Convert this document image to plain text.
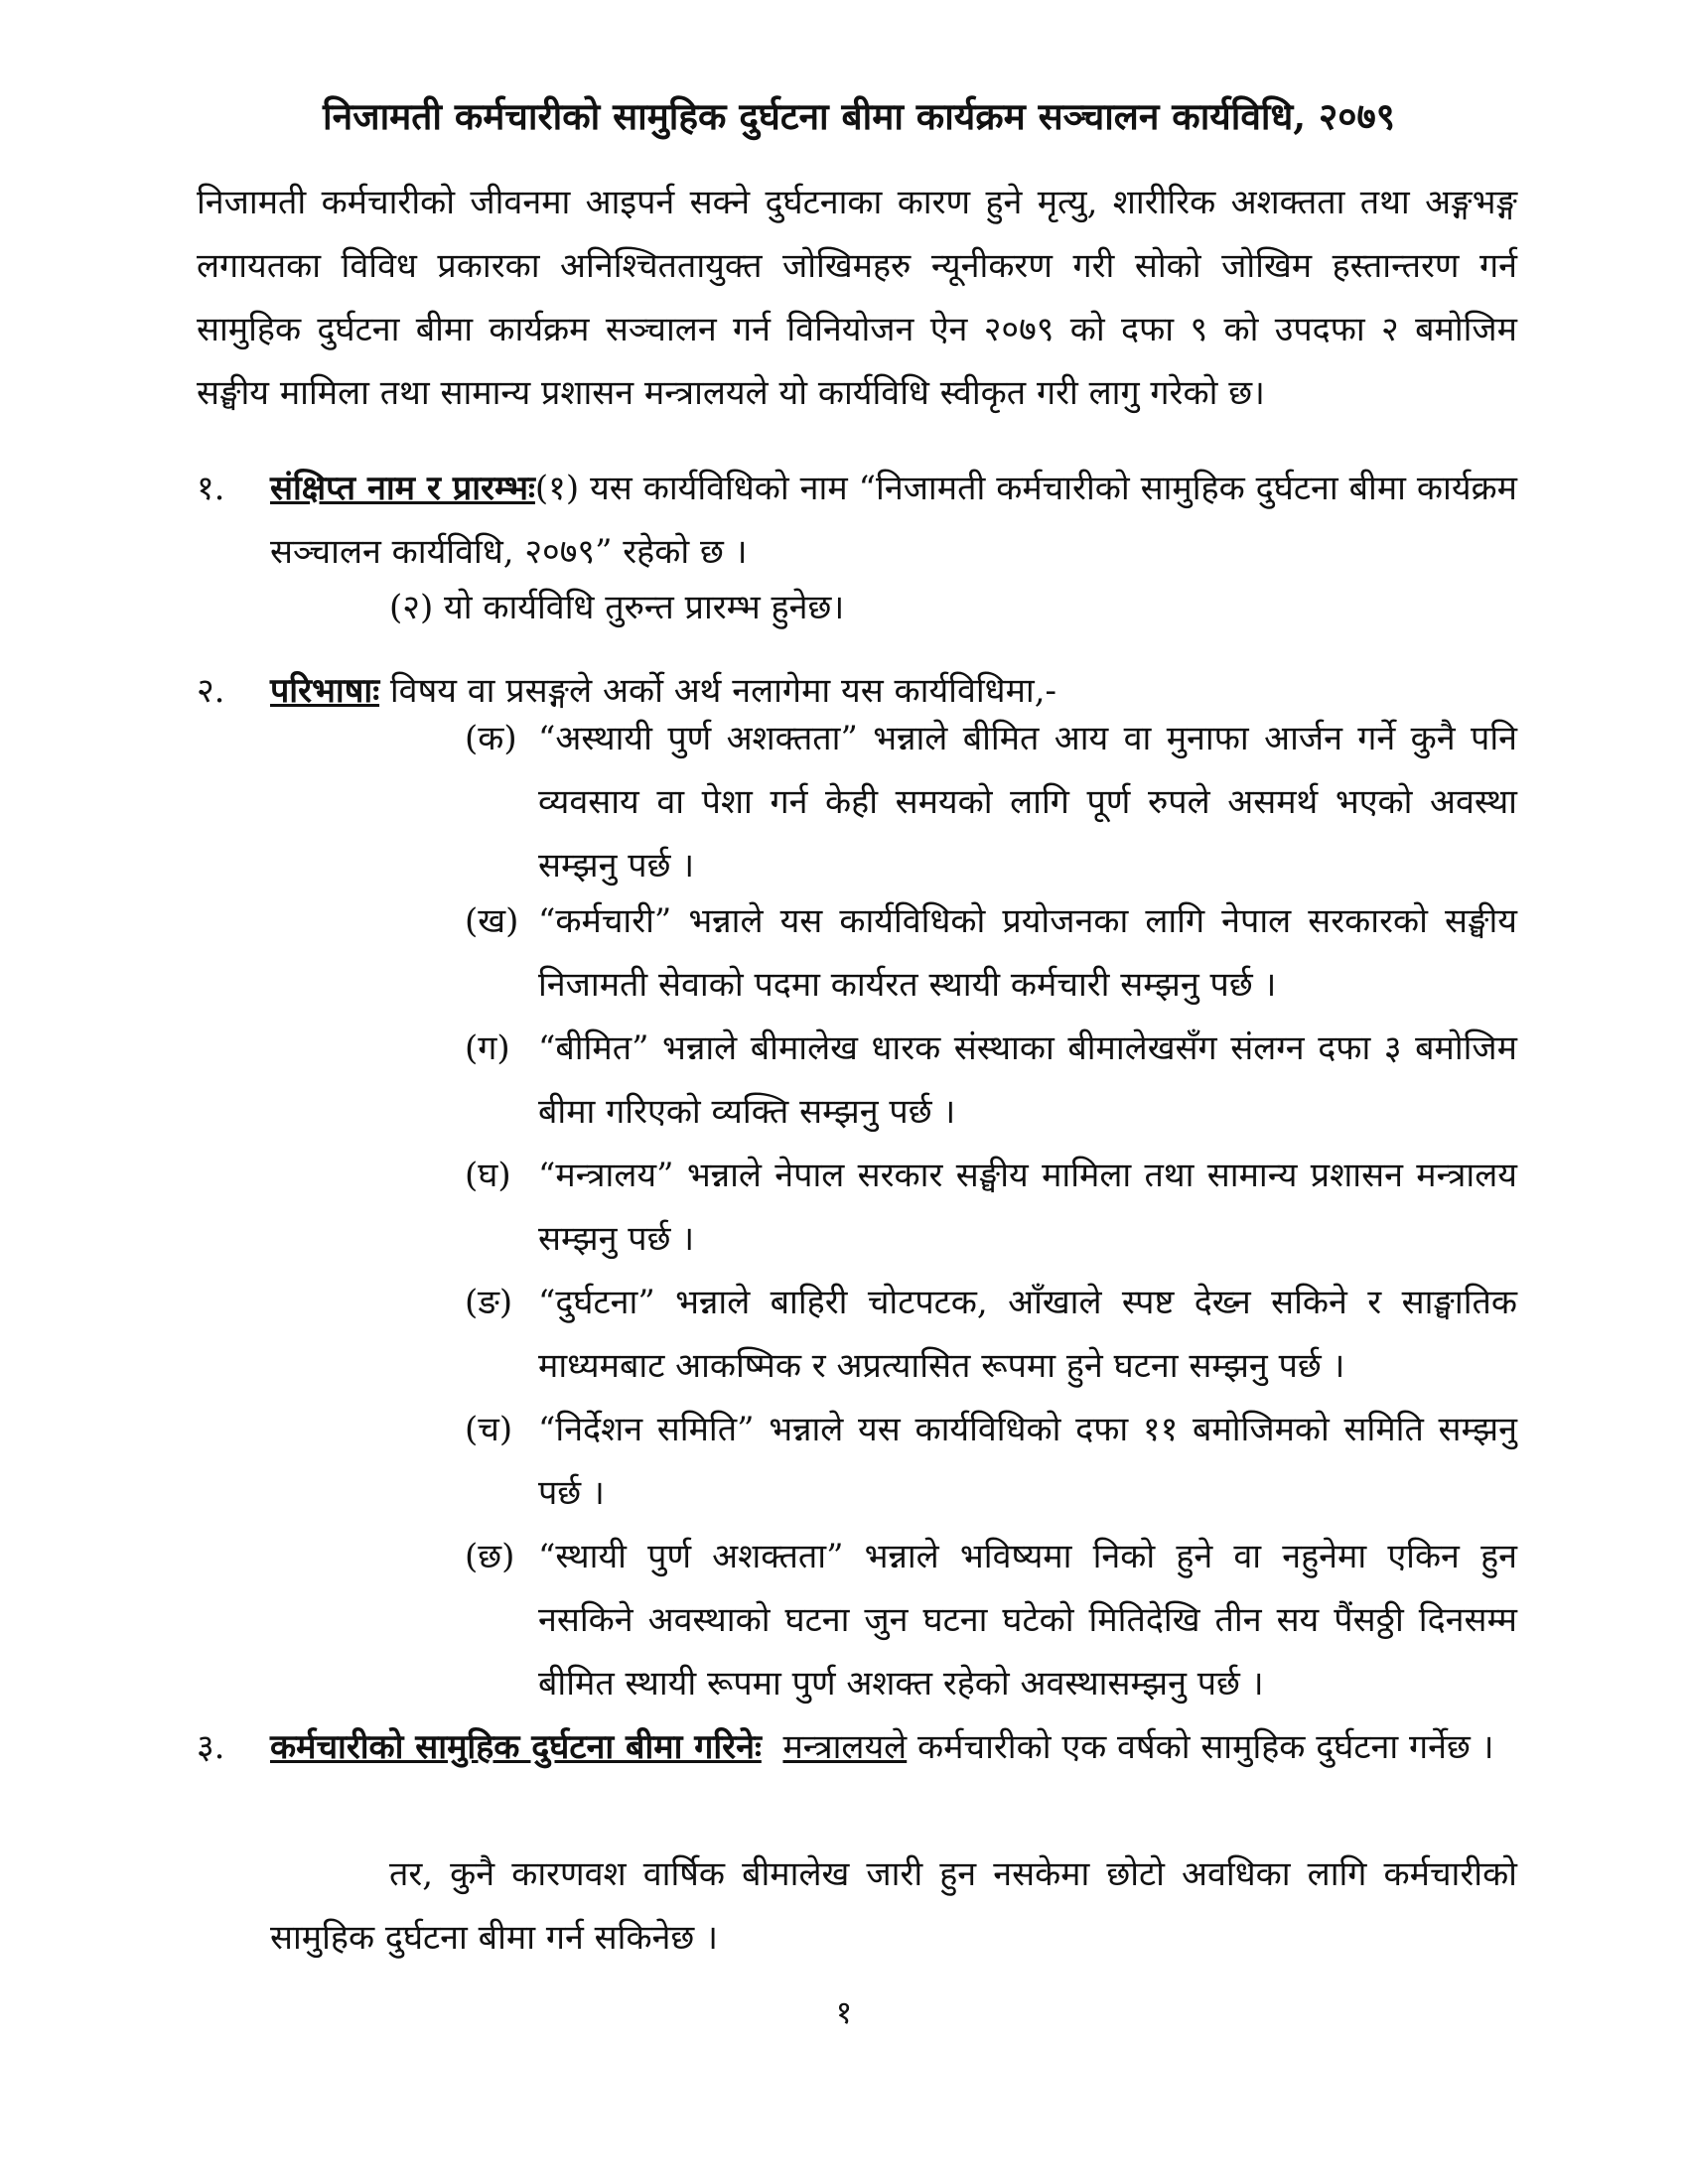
निजामती कर्मचारीको सामुहिक दुर्घटना बीमा कार्यक्रम सञ्चालन कार्यविधि, २०७९

निजामती कर्मचारीको जीवनमा आइपर्न सक्ने दुर्घटनाका कारण हुने मृत्यु, शारीरिक अशक्तता तथा अङ्गभङ्ग लगायतका विविध प्रकारका अनिश्चिततायुक्त जोखिमहरु न्यूनीकरण गरी सोको जोखिम हस्तान्तरण गर्न सामुहिक दुर्घटना बीमा कार्यक्रम सञ्चालन गर्न विनियोजन ऐन २०७९ को दफा ९ को उपदफा २ बमोजिम सङ्घीय मामिला तथा सामान्य प्रशासन मन्त्रालयले यो कार्यविधि स्वीकृत गरी लागु गरेको छ।

१. संक्षिप्त नाम र प्रारम्भः(१) यस कार्यविधिको नाम “निजामती कर्मचारीको सामुहिक दुर्घटना बीमा कार्यक्रम सञ्चालन कार्यविधि, २०७९” रहेको छ ।

(२) यो कार्यविधि तुरुन्त प्रारम्भ हुनेछ।

२. परिभाषाः विषय वा प्रसङ्गले अर्को अर्थ नलागेमा यस कार्यविधिमा,-

(क) “अस्थायी पुर्ण अशक्तता” भन्नाले बीमित आय वा मुनाफा आर्जन गर्ने कुनै पनि व्यवसाय वा पेशा गर्न केही समयको लागि पूर्ण रुपले असमर्थ भएको अवस्था सम्झनु पर्छ ।

(ख) “कर्मचारी” भन्नाले यस कार्यविधिको प्रयोजनका लागि नेपाल सरकारको सङ्घीय निजामती सेवाको पदमा कार्यरत स्थायी कर्मचारी सम्झनु पर्छ ।

(ग) “बीमित” भन्नाले बीमालेख धारक संस्थाका बीमालेखसँग संलग्न दफा ३ बमोजिम बीमा गरिएको व्यक्ति सम्झनु पर्छ ।

(घ) “मन्त्रालय” भन्नाले नेपाल सरकार सङ्घीय मामिला तथा सामान्य प्रशासन मन्त्रालय सम्झनु पर्छ ।

(ङ) “दुर्घटना” भन्नाले बाहिरी चोटपटक, आँखाले स्पष्ट देख्न सकिने र साङ्घातिक माध्यमबाट आकष्मिक र अप्रत्यासित रूपमा हुने घटना सम्झनु पर्छ ।

(च) “निर्देशन समिति” भन्नाले यस कार्यविधिको दफा ११ बमोजिमको समिति सम्झनु पर्छ ।

(छ) “स्थायी पुर्ण अशक्तता” भन्नाले भविष्यमा निको हुने वा नहुनेमा एकिन हुन नसकिने अवस्थाको घटना जुन घटना घटेको मितिदेखि तीन सय पैंसठ्ठी दिनसम्म बीमित स्थायी रूपमा पुर्ण अशक्त रहेको अवस्थासम्झनु पर्छ ।

३. कर्मचारीको सामुहिक दुर्घटना बीमा गरिनेः मन्त्रालयले कर्मचारीको एक वर्षको सामुहिक दुर्घटना गर्नेछ ।

तर, कुनै कारणवश वार्षिक बीमालेख जारी हुन नसकेमा छोटो अवधिका लागि कर्मचारीको सामुहिक दुर्घटना बीमा गर्न सकिनेछ ।

१
